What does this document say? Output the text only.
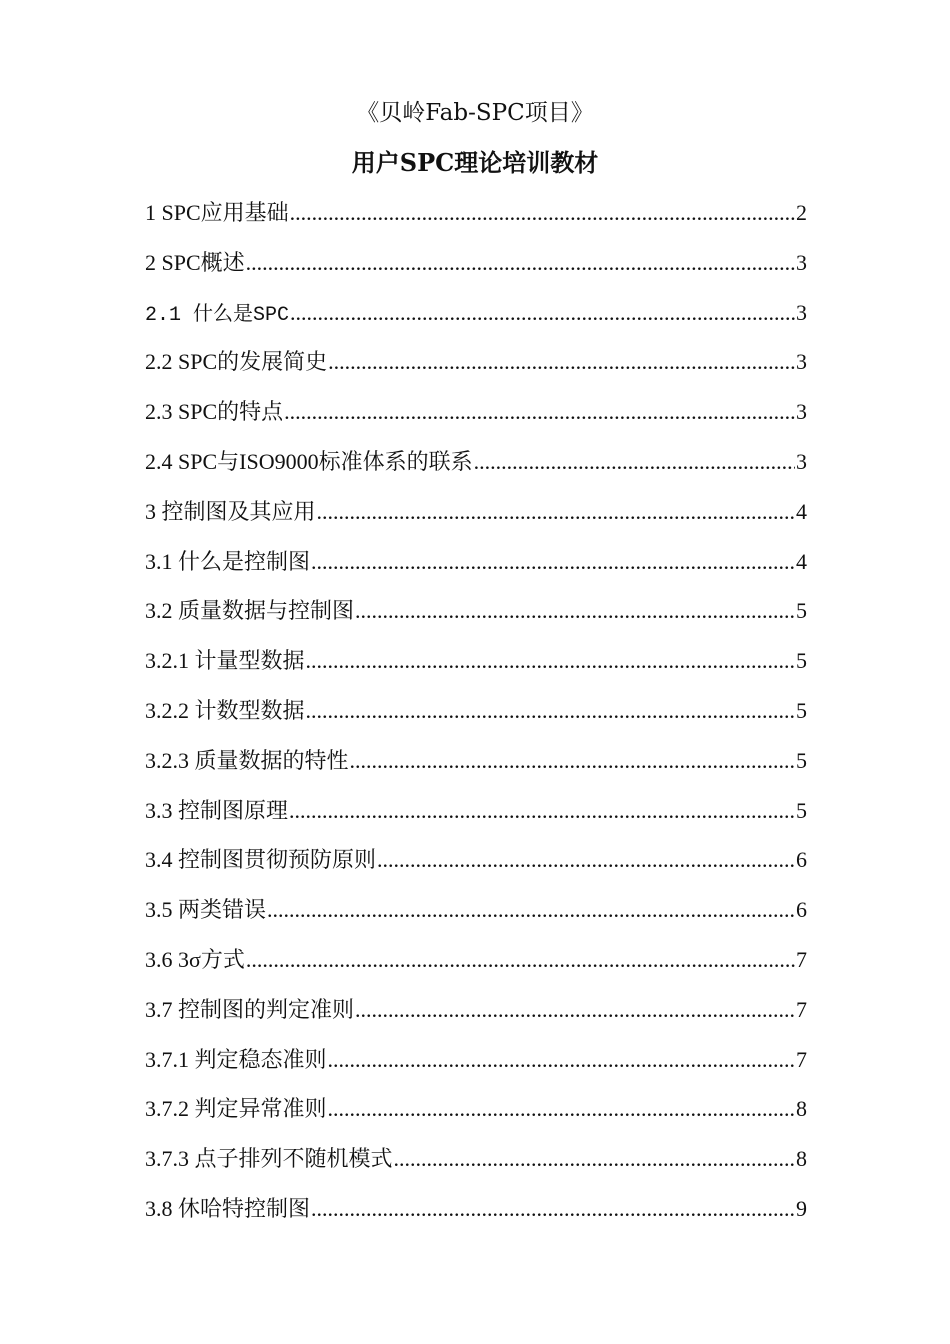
《贝岭Fab-SPC项目》
用户SPC理论培训教材
1 SPC应用基础 .....	2
2 SPC概述 .....	3
2.1 什么是SPC .....	3
2.2 SPC的发展简史 .....	3
2.3 SPC的特点 .....	3
2.4 SPC与ISO9000标准体系的联系 .....	3
3 控制图及其应用 .....	4
3.1 什么是控制图 .....	4
3.2 质量数据与控制图 .....	5
3.2.1 计量型数据 .....	5
3.2.2 计数型数据 .....	5
3.2.3 质量数据的特性 .....	5
3.3 控制图原理 .....	5
3.4 控制图贯彻预防原则 .....	6
3.5 两类错误 .....	6
3.6 3σ方式 .....	7
3.7 控制图的判定准则 .....	7
3.7.1 判定稳态准则 .....	7
3.7.2 判定异常准则 .....	8
3.7.3 点子排列不随机模式 .....	8
3.8 休哈特控制图 .....	9
